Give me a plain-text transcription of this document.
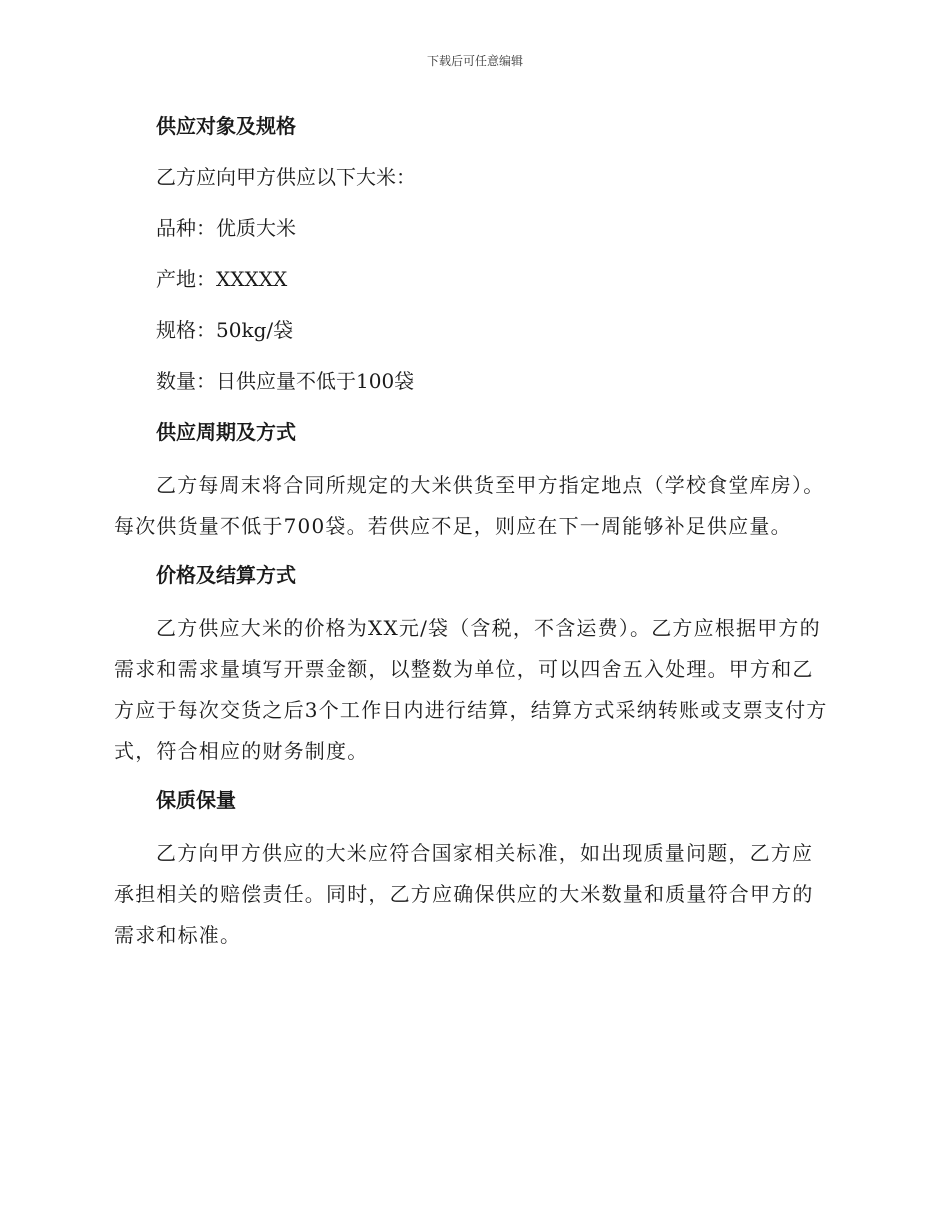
下载后可任意编辑
供应对象及规格
乙方应向甲方供应以下大米：
品种：优质大米
产地：XXXXX
规格：50kg/袋
数量：日供应量不低于100袋
供应周期及方式
乙方每周末将合同所规定的大米供货至甲方指定地点（学校食堂库房）。每次供货量不低于700袋。若供应不足，则应在下一周能够补足供应量。
价格及结算方式
乙方供应大米的价格为XX元/袋（含税，不含运费）。乙方应根据甲方的需求和需求量填写开票金额，以整数为单位，可以四舍五入处理。甲方和乙方应于每次交货之后3个工作日内进行结算，结算方式采纳转账或支票支付方式，符合相应的财务制度。
保质保量
乙方向甲方供应的大米应符合国家相关标准，如出现质量问题，乙方应承担相关的赔偿责任。同时，乙方应确保供应的大米数量和质量符合甲方的需求和标准。
